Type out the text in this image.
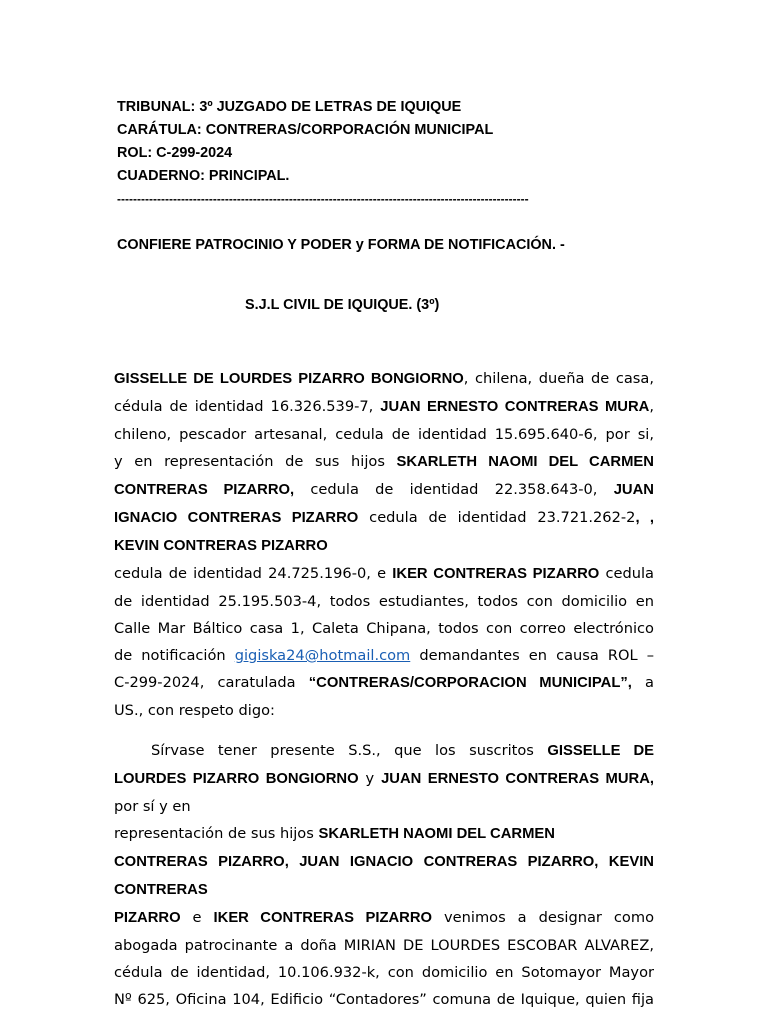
TRIBUNAL: 3º JUZGADO DE LETRAS DE IQUIQUE
CARÁTULA: CONTRERAS/CORPORACIÓN MUNICIPAL
ROL: C-299-2024
CUADERNO: PRINCIPAL.
-------------------------------------------------------------------------------------------------------
CONFIERE PATROCINIO Y PODER y FORMA DE NOTIFICACIÓN. -
S.J.L CIVIL DE IQUIQUE. (3º)
GISSELLE DE LOURDES PIZARRO BONGIORNO, chilena, dueña de casa,
cédula de identidad 16.326.539-7, JUAN ERNESTO CONTRERAS MURA,
chileno, pescador artesanal, cedula de identidad 15.695.640-6, por si,
y en representación de sus hijos SKARLETH NAOMI DEL CARMEN
CONTRERAS PIZARRO, cedula de identidad 22.358.643-0, JUAN
IGNACIO CONTRERAS PIZARRO cedula de identidad 23.721.262-2, ,
KEVIN CONTRERAS PIZARRO
cedula de identidad 24.725.196-0, e IKER CONTRERAS PIZARRO cedula
de identidad 25.195.503-4, todos estudiantes, todos con domicilio en
Calle Mar Báltico casa 1, Caleta Chipana, todos con correo electrónico
de notificación gigiska24@hotmail.com demandantes en causa ROL –
C-299-2024, caratulada “CONTRERAS/CORPORACION MUNICIPAL”, a
US., con respeto digo:
Sírvase tener presente S.S., que los suscritos GISSELLE DE
LOURDES PIZARRO BONGIORNO y JUAN ERNESTO CONTRERAS MURA,
por sí y en
representación de sus hijos SKARLETH NAOMI DEL CARMEN
CONTRERAS PIZARRO, JUAN IGNACIO CONTRERAS PIZARRO, KEVIN
CONTRERAS
PIZARRO e IKER CONTRERAS PIZARRO venimos a designar como
abogada patrocinante a doña MIRIAN DE LOURDES ESCOBAR ALVAREZ,
cédula de identidad, 10.106.932-k, con domicilio en Sotomayor Mayor
Nº 625, Oficina 104, Edificio “Contadores” comuna de Iquique, quien fija
